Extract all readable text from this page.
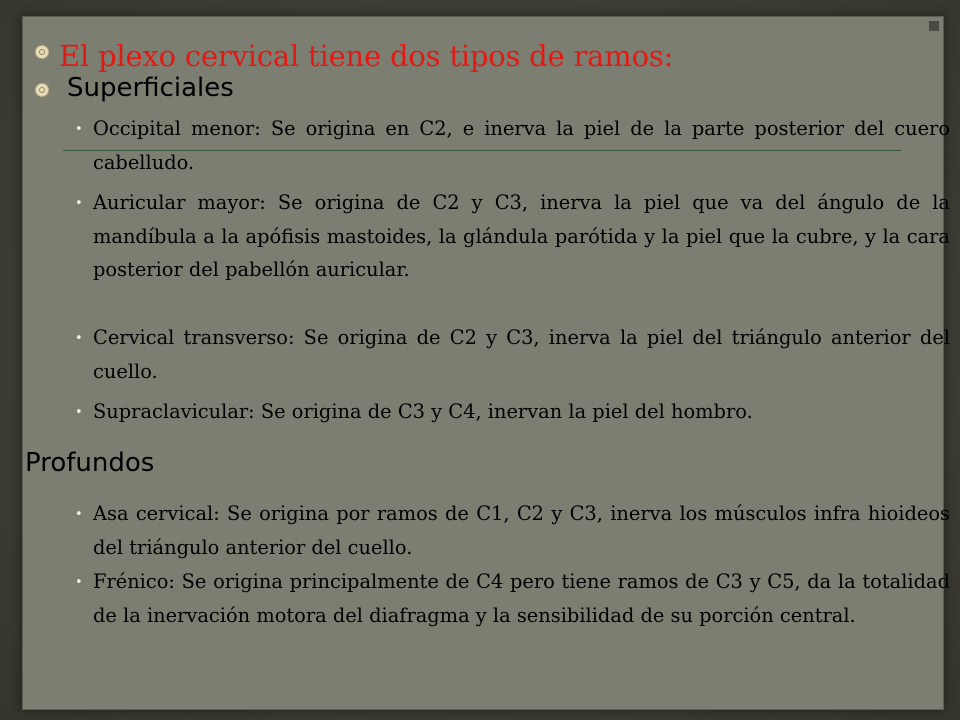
El plexo cervical tiene dos tipos de ramos:
Superficiales
• Occipital menor: Se origina en C2, e inerva la piel de la parte posterior del cuero cabelludo.
• Auricular mayor: Se origina de C2 y C3, inerva la piel que va del ángulo de la mandíbula a la apófisis mastoides, la glándula parótida y la piel que la cubre, y la cara posterior del pabellón auricular.
• Cervical transverso: Se origina de C2 y C3, inerva la piel del triángulo anterior del cuello.
• Supraclavicular: Se origina de C3 y C4, inervan la piel del hombro.
Profundos
• Asa cervical: Se origina por ramos de C1, C2 y C3, inerva los músculos infra hioideos del triángulo anterior del cuello.
• Frénico: Se origina principalmente de C4 pero tiene ramos de C3 y C5, da la totalidad de la inervación motora del diafragma y la sensibilidad de su porción central.
